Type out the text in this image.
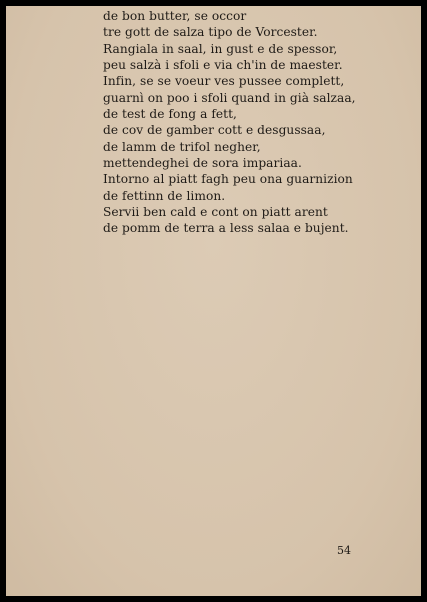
de bon butter, se occor
tre gott de salza tipo de Vorcester.
Rangiala in saal, in gust e de spessor,
peu salzà i sfoli e via ch'in de maester.
Infin, se se voeur ves pussee complett,
guarnì on poo i sfoli quand in già salzaa,
de test de fong a fett,
de cov de gamber cott e desgussaa,
de lamm de trifol negher,
mettendeghei de sora impariaa.
Intorno al piatt fagh peu ona guarnizion
de fettinn de limon.
Servii ben cald e cont on piatt arent
de pomm de terra a less salaa e bujent.
54
